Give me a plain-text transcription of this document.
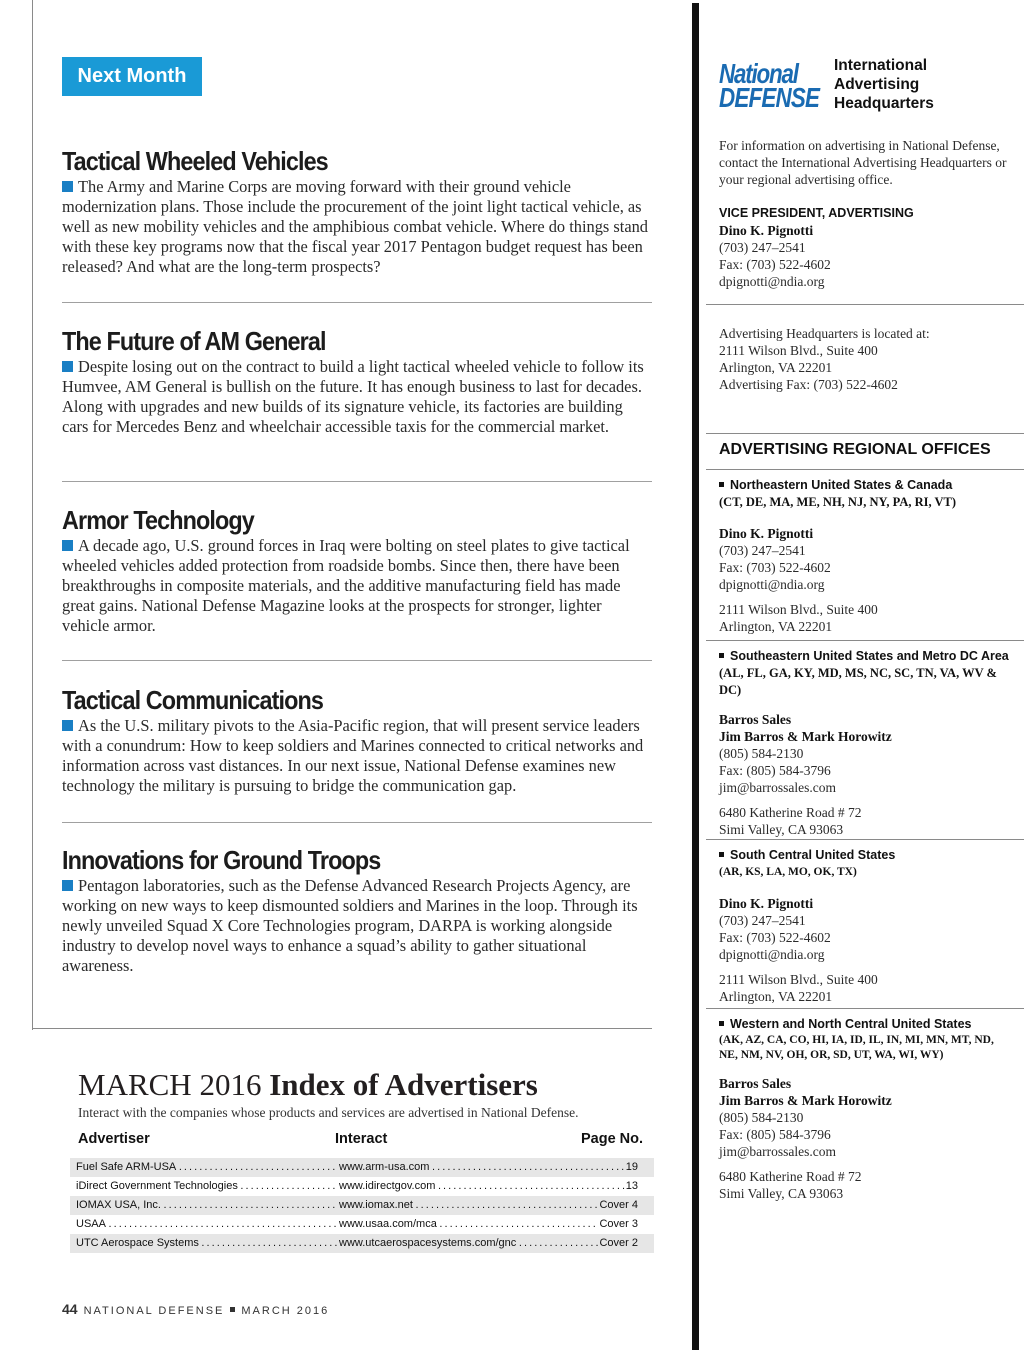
Next Month
Tactical Wheeled Vehicles

The Army and Marine Corps are moving forward with their ground vehicle modernization plans. Those include the procurement of the joint light tactical vehicle, as well as new mobility vehicles and the amphibious combat vehicle. Where do things stand with these key programs now that the fiscal year 2017 Pentagon budget request has been released? And what are the long-term prospects?

The Future of AM General

Despite losing out on the contract to build a light tactical wheeled vehicle to follow its Humvee, AM General is bullish on the future. It has enough business to last for decades. Along with upgrades and new builds of its signature vehicle, its factories are building cars for Mercedes Benz and wheelchair accessible taxis for the commercial market.

Armor Technology

A decade ago, U.S. ground forces in Iraq were bolting on steel plates to give tactical wheeled vehicles added protection from roadside bombs. Since then, there have been breakthroughs in composite materials, and the additive manufacturing field has made great gains. National Defense Magazine looks at the prospects for stronger, lighter vehicle armor.

Tactical Communications

As the U.S. military pivots to the Asia-Pacific region, that will present service leaders with a conundrum: How to keep soldiers and Marines connected to critical networks and information across vast distances. In our next issue, National Defense examines new technology the military is pursuing to bridge the communication gap.

Innovations for Ground Troops

Pentagon laboratories, such as the Defense Advanced Research Projects Agency, are working on new ways to keep dismounted soldiers and Marines in the loop. Through its newly unveiled Squad X Core Technologies program, DARPA is working alongside industry to develop novel ways to enhance a squad’s ability to gather situational awareness.

MARCH 2016 Index of Advertisers
Interact with the companies whose products and services are advertised in National Defense.
Advertiser	Interact	Page No.
Fuel Safe ARM-USA . . .	www.arm-usa.com . . .	19
iDirect Government Technologies . . .	www.idirectgov.com . . .	13
IOMAX USA, Inc. . . .	www.iomax.net . . .	Cover 4
USAA . . .	www.usaa.com/mca . . .	Cover 3
UTC Aerospace Systems . . .	www.utcaerospacesystems.com/gnc . . .	Cover 2
44 NATIONAL DEFENSE MARCH 2016
National
DEFENSE
International
Advertising
Headquarters
For information on advertising in National Defense, contact the International Advertising Headquarters or your regional advertising office.
VICE PRESIDENT, ADVERTISING
Dino K. Pignotti
(703) 247–2541
Fax: (703) 522-4602
dpignotti@ndia.org
Advertising Headquarters is located at:
2111 Wilson Blvd., Suite 400
Arlington, VA 22201
Advertising Fax: (703) 522-4602
ADVERTISING REGIONAL OFFICES
Northeastern United States & Canada
(CT, DE, MA, ME, NH, NJ, NY, PA, RI, VT)
Dino K. Pignotti
(703) 247–2541
Fax: (703) 522-4602
dpignotti@ndia.org
2111 Wilson Blvd., Suite 400
Arlington, VA 22201
Southeastern United States and Metro DC Area (AL, FL, GA, KY, MD, MS, NC, SC, TN, VA, WV & DC)
Barros Sales
Jim Barros & Mark Horowitz
(805) 584-2130
Fax: (805) 584-3796
jim@barrossales.com
6480 Katherine Road # 72
Simi Valley, CA 93063
South Central United States
(AR, KS, LA, MO, OK, TX)
Dino K. Pignotti
(703) 247–2541
Fax: (703) 522-4602
dpignotti@ndia.org
2111 Wilson Blvd., Suite 400
Arlington, VA 22201
Western and North Central United States
(AK, AZ, CA, CO, HI, IA, ID, IL, IN, MI, MN, MT, ND, NE, NM, NV, OH, OR, SD, UT, WA, WI, WY)
Barros Sales
Jim Barros & Mark Horowitz
(805) 584-2130
Fax: (805) 584-3796
jim@barrossales.com
6480 Katherine Road # 72
Simi Valley, CA 93063
